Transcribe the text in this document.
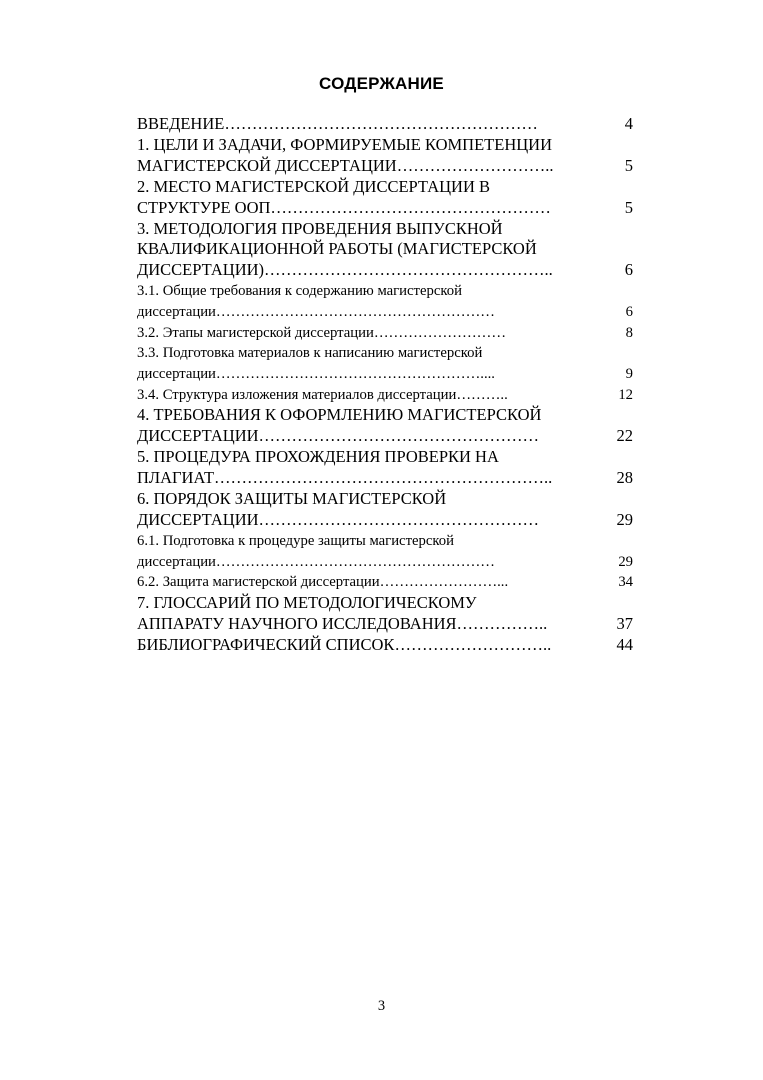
СОДЕРЖАНИЕ
ВВЕДЕНИЕ…………………………………………………	4
1. ЦЕЛИ И ЗАДАЧИ, ФОРМИРУЕМЫЕ КОМПЕТЕНЦИИ
МАГИСТЕРСКОЙ ДИССЕРТАЦИИ………………………..	5
2. МЕСТО МАГИСТЕРСКОЙ ДИССЕРТАЦИИ В
СТРУКТУРЕ ООП……………………………………………	5
3. МЕТОДОЛОГИЯ ПРОВЕДЕНИЯ ВЫПУСКНОЙ
КВАЛИФИКАЦИОННОЙ РАБОТЫ (МАГИСТЕРСКОЙ
ДИССЕРТАЦИИ)……………………………………………..	6
3.1. Общие требования к содержанию магистерской
диссертации…………………………………………………	6
3.2. Этапы магистерской диссертации………………………	8
3.3. Подготовка материалов к написанию магистерской
диссертации………………………………………………....	9
3.4. Структура изложения материалов диссертации………..	12
4. ТРЕБОВАНИЯ К ОФОРМЛЕНИЮ МАГИСТЕРСКОЙ
ДИССЕРТАЦИИ……………………………………………	22
5. ПРОЦЕДУРА ПРОХОЖДЕНИЯ ПРОВЕРКИ НА
ПЛАГИАТ……………………………………………………..	28
6. ПОРЯДОК ЗАЩИТЫ МАГИСТЕРСКОЙ
ДИССЕРТАЦИИ……………………………………………	29
6.1. Подготовка к процедуре защиты магистерской
диссертации…………………………………………………	29
6.2. Защита магистерской диссертации……………………...	34
7. ГЛОССАРИЙ ПО МЕТОДОЛОГИЧЕСКОМУ
АППАРАТУ НАУЧНОГО ИССЛЕДОВАНИЯ……………..	37
БИБЛИОГРАФИЧЕСКИЙ СПИСОК………………………..	44
3
